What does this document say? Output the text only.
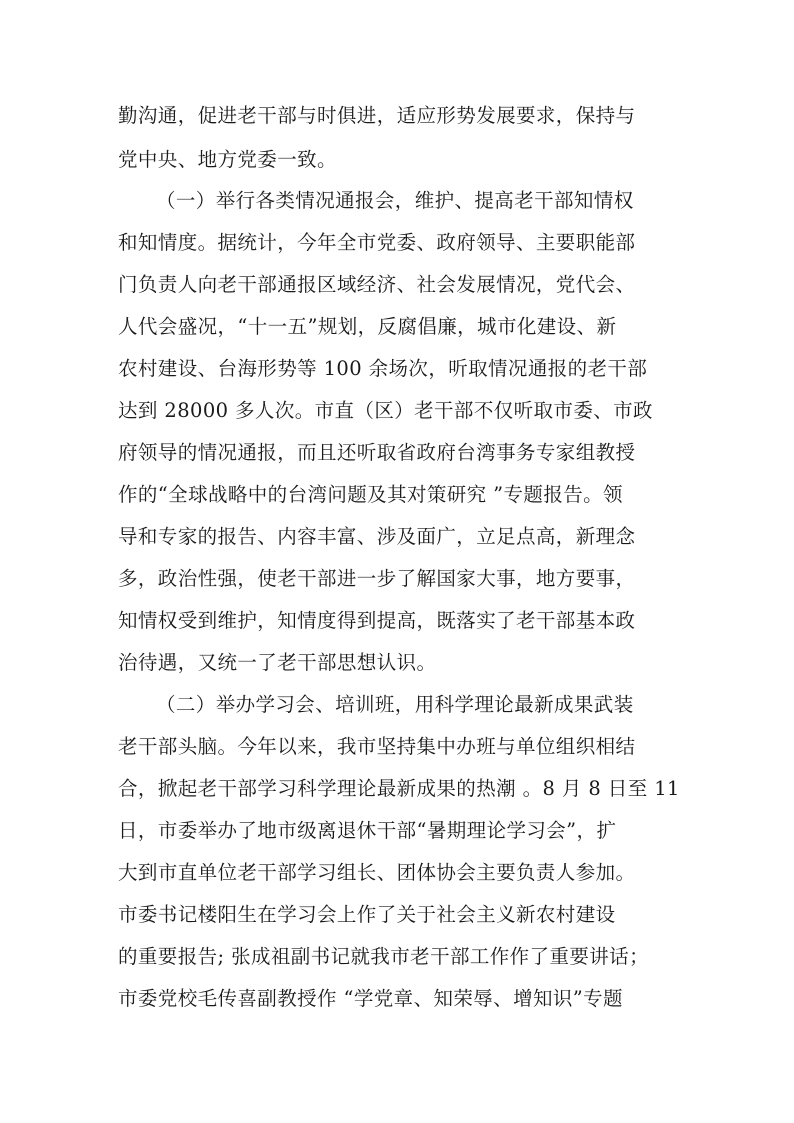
勤沟通，促进老干部与时俱进，适应形势发展要求，保持与
党中央、地方党委一致。
（一）举行各类情况通报会，维护、提高老干部知情权
和知情度。据统计，今年全市党委、政府领导、主要职能部
门负责人向老干部通报区域经济、社会发展情况，党代会、
人代会盛况，“十一五”规划，反腐倡廉，城市化建设、新
农村建设、台海形势等 100 余场次，听取情况通报的老干部
达到 28000 多人次。市直（区）老干部不仅听取市委、市政
府领导的情况通报，而且还听取省政府台湾事务专家组教授
作的“全球战略中的台湾问题及其对策研究 ”专题报告。领
导和专家的报告、内容丰富、涉及面广，立足点高，新理念
多，政治性强，使老干部进一步了解国家大事，地方要事，
知情权受到维护，知情度得到提高，既落实了老干部基本政
治待遇，又统一了老干部思想认识。
（二）举办学习会、培训班，用科学理论最新成果武装
老干部头脑。今年以来，我市坚持集中办班与单位组织相结
合，掀起老干部学习科学理论最新成果的热潮 。8 月 8 日至 11
日，市委举办了地市级离退休干部“暑期理论学习会”，扩
大到市直单位老干部学习组长、团体协会主要负责人参加。
市委书记楼阳生在学习会上作了关于社会主义新农村建设
的重要报告; 张成祖副书记就我市老干部工作作了重要讲话；
市委党校毛传喜副教授作 “学党章、知荣辱、增知识”专题
